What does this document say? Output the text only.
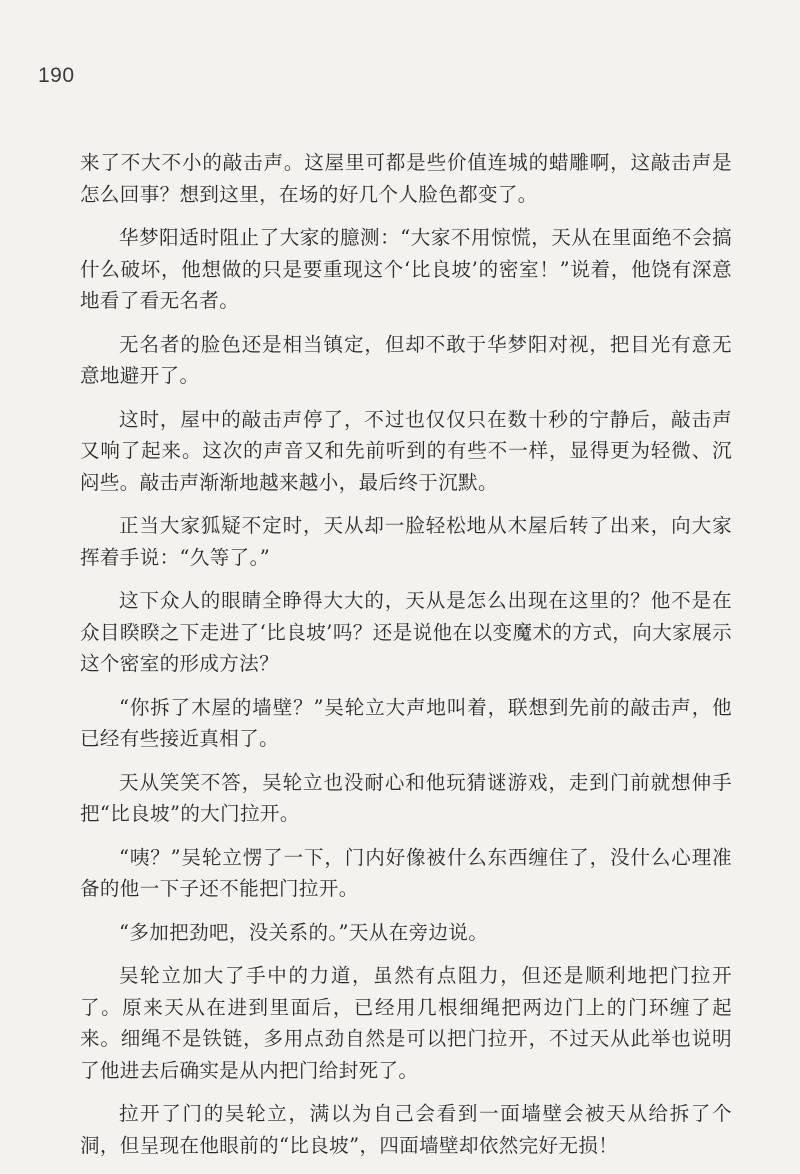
190

来了不大不小的敲击声。这屋里可都是些价值连城的蜡雕啊，这敲击声是怎么回事？想到这里，在场的好几个人脸色都变了。

华梦阳适时阻止了大家的臆测：“大家不用惊慌，天从在里面绝不会搞什么破坏，他想做的只是要重现这个‘比良坡’的密室！”说着，他饶有深意地看了看无名者。

无名者的脸色还是相当镇定，但却不敢于华梦阳对视，把目光有意无意地避开了。

这时，屋中的敲击声停了，不过也仅仅只在数十秒的宁静后，敲击声又响了起来。这次的声音又和先前听到的有些不一样，显得更为轻微、沉闷些。敲击声渐渐地越来越小，最后终于沉默。

正当大家狐疑不定时，天从却一脸轻松地从木屋后转了出来，向大家挥着手说：“久等了。”

这下众人的眼睛全睁得大大的，天从是怎么出现在这里的？他不是在众目睽睽之下走进了‘比良坡’吗？还是说他在以变魔术的方式，向大家展示这个密室的形成方法？

“你拆了木屋的墙壁？”吴轮立大声地叫着，联想到先前的敲击声，他已经有些接近真相了。

天从笑笑不答，吴轮立也没耐心和他玩猜谜游戏，走到门前就想伸手把“比良坡”的大门拉开。

“咦？”吴轮立愣了一下，门内好像被什么东西缠住了，没什么心理准备的他一下子还不能把门拉开。

“多加把劲吧，没关系的。”天从在旁边说。

吴轮立加大了手中的力道，虽然有点阻力，但还是顺利地把门拉开了。原来天从在进到里面后，已经用几根细绳把两边门上的门环缠了起来。细绳不是铁链，多用点劲自然是可以把门拉开，不过天从此举也说明了他进去后确实是从内把门给封死了。

拉开了门的吴轮立，满以为自己会看到一面墙壁会被天从给拆了个洞，但呈现在他眼前的“比良坡”，四面墙壁却依然完好无损！
